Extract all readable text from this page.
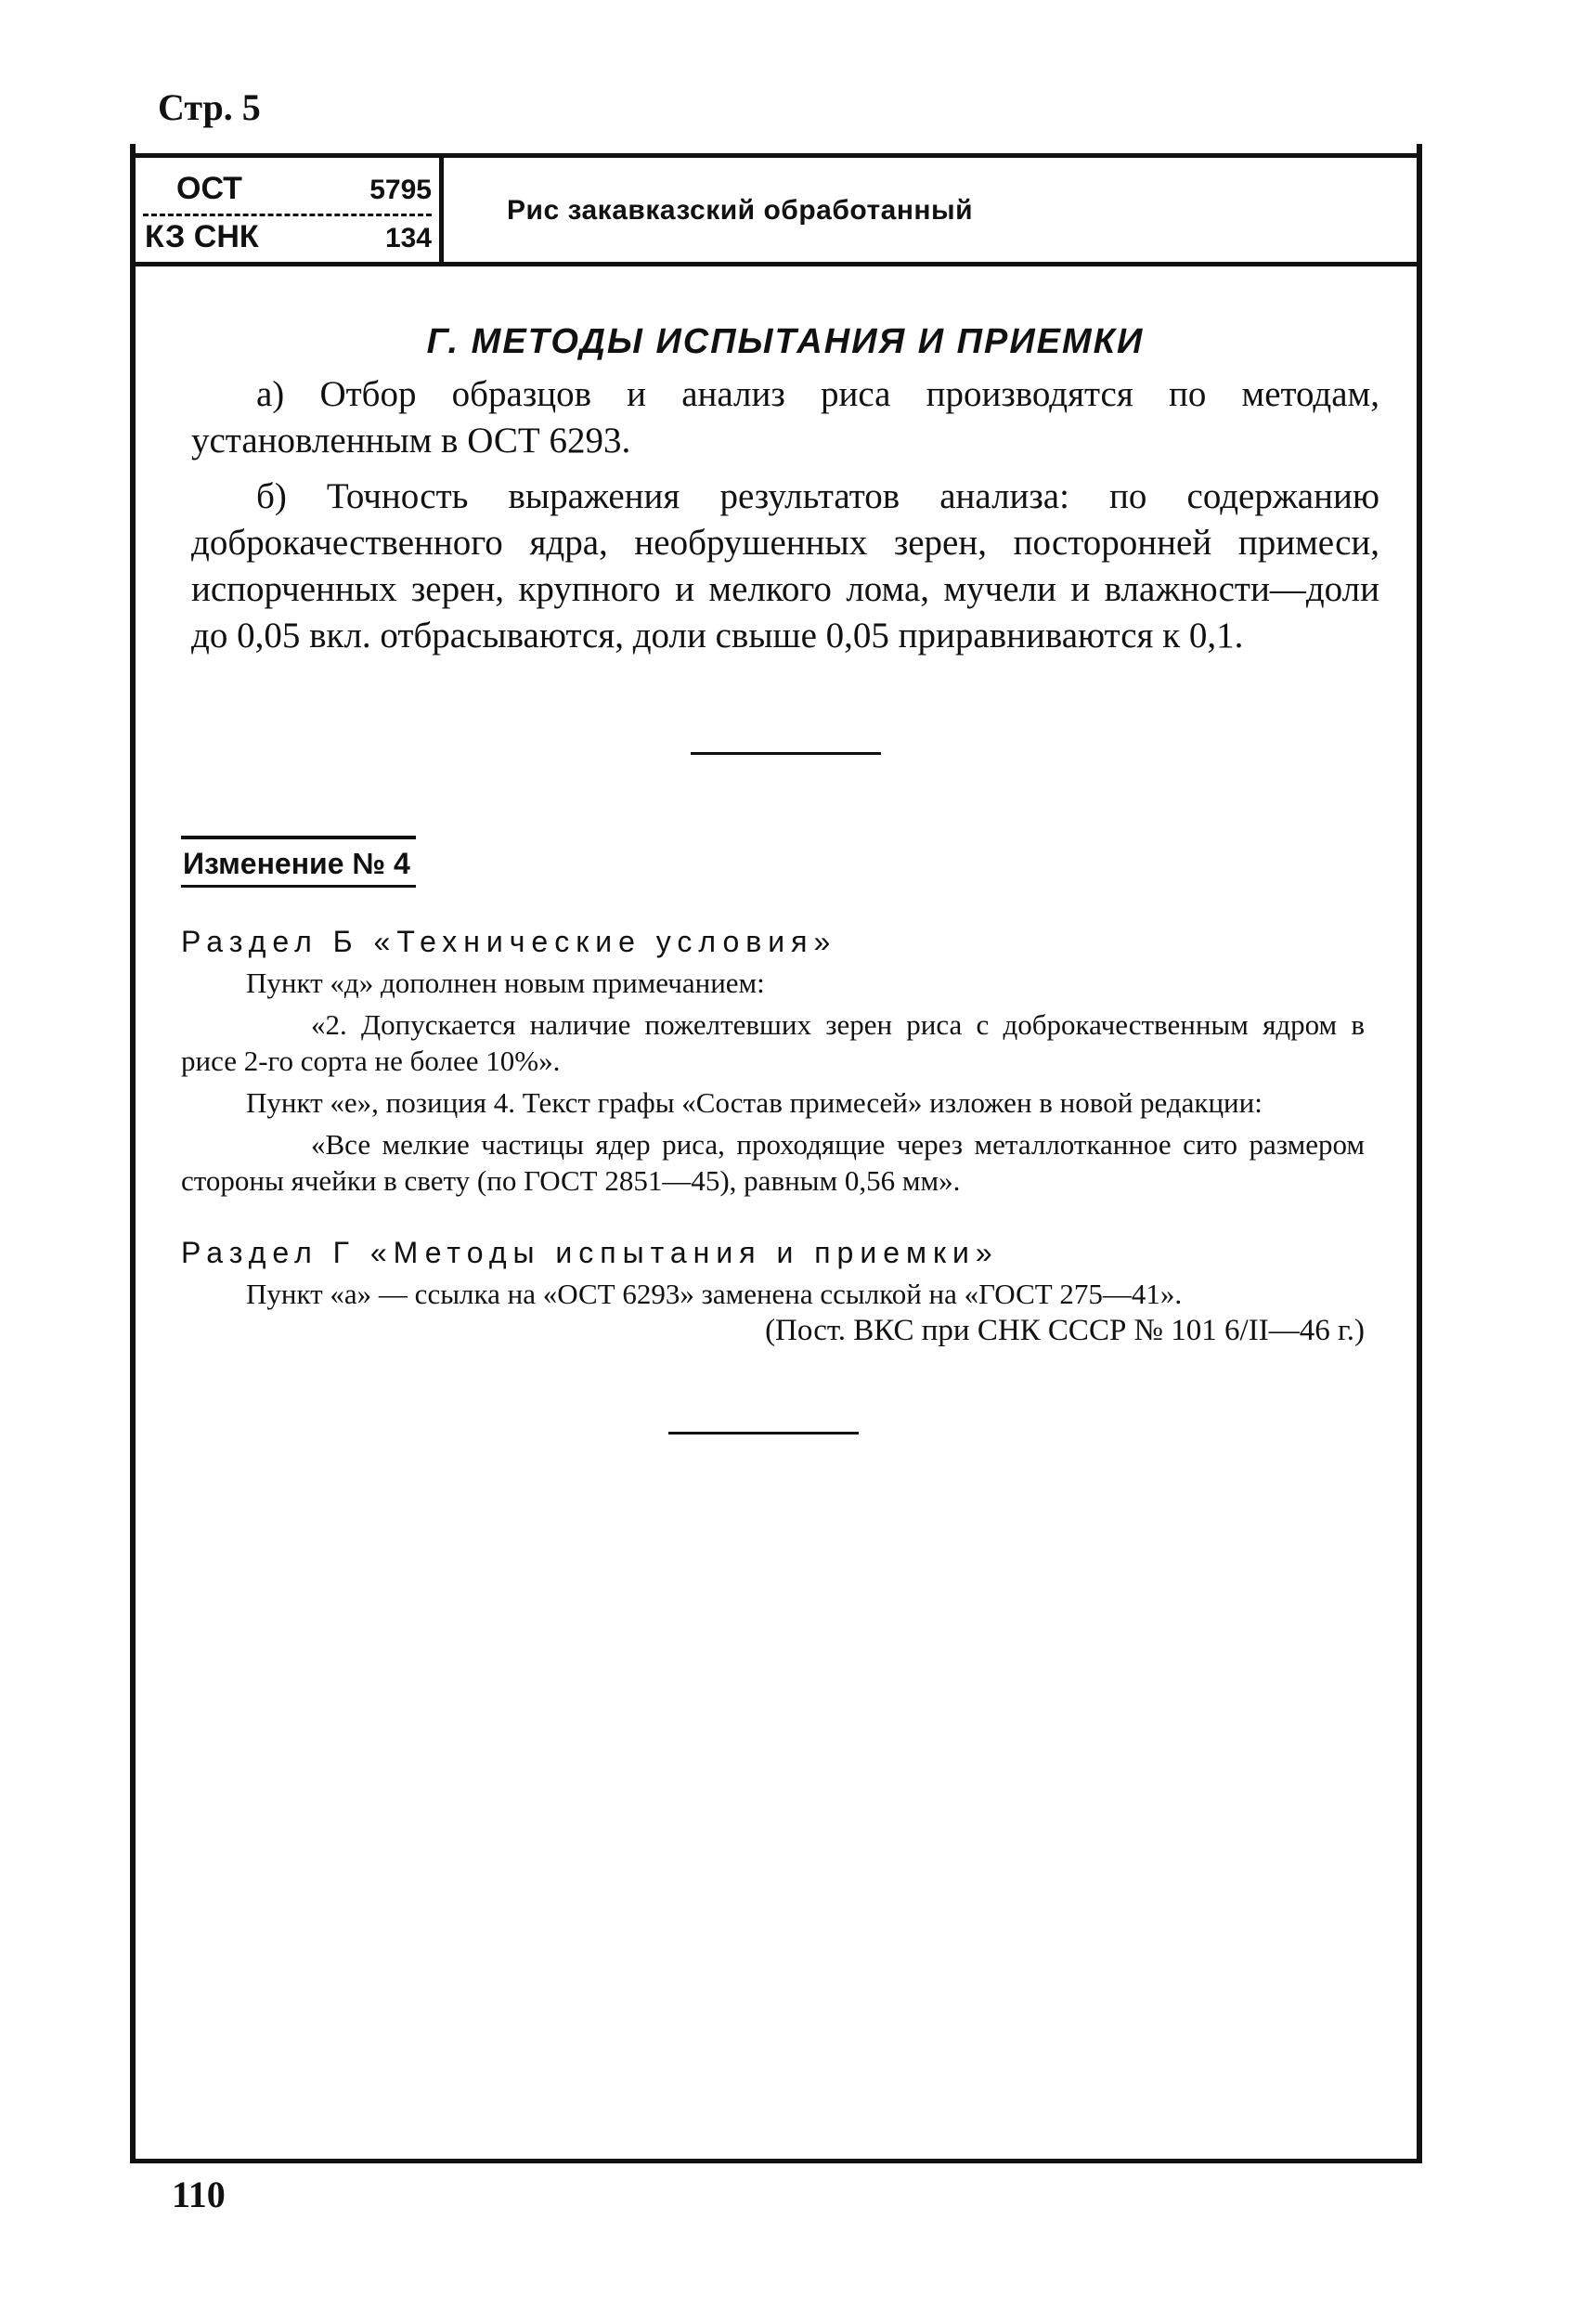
Стр. 5
ОСТ	5795
КЗ СНК	134
Рис закавказский обработанный
Г. МЕТОДЫ ИСПЫТАНИЯ И ПРИЕМКИ

а) Отбор образцов и анализ риса производятся по методам, установленным в ОСТ 6293.

б) Точность выражения результатов анализа: по содержанию доброкачественного ядра, необрушенных зерен, посторонней примеси, испорченных зерен, крупного и мелкого лома, мучели и влажности—доли до 0,05 вкл. отбрасываются, доли свыше 0,05 приравниваются к 0,1.

Изменение № 4
Раздел Б «Технические условия»

Пункт «д» дополнен новым примечанием:

«2. Допускается наличие пожелтевших зерен риса с доброкачественным ядром в рисе 2-го сорта не более 10%».

Пункт «е», позиция 4. Текст графы «Состав примесей» изложен в новой редакции:

«Все мелкие частицы ядер риса, проходящие через металлотканное сито размером стороны ячейки в свету (по ГОСТ 2851—45), равным 0,56 мм».

Раздел Г «Методы испытания и приемки»

Пункт «а» — ссылка на «ОСТ 6293» заменена ссылкой на «ГОСТ 275—41».

(Пост. ВКС при СНК СССР № 101 6/II—46 г.)

110
